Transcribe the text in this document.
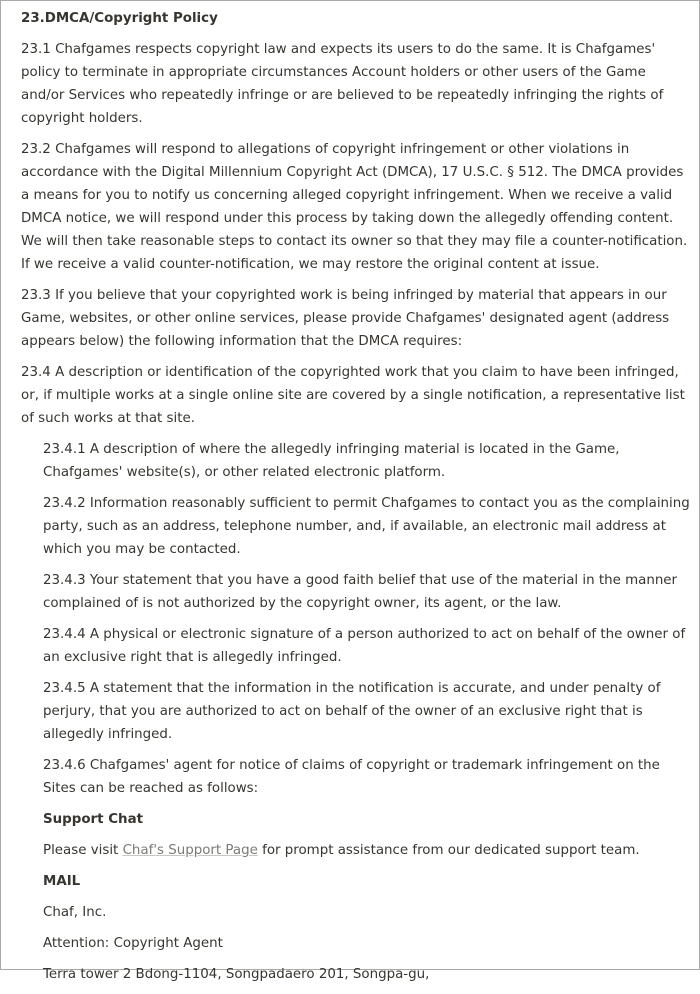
23.DMCA/Copyright Policy
23.1 Chafgames respects copyright law and expects its users to do the same. It is Chafgames' policy to terminate in appropriate circumstances Account holders or other users of the Game and/or Services who repeatedly infringe or are believed to be repeatedly infringing the rights of copyright holders.
23.2 Chafgames will respond to allegations of copyright infringement or other violations in accordance with the Digital Millennium Copyright Act (DMCA), 17 U.S.C. § 512. The DMCA provides a means for you to notify us concerning alleged copyright infringement. When we receive a valid DMCA notice, we will respond under this process by taking down the allegedly offending content. We will then take reasonable steps to contact its owner so that they may file a counter-notification. If we receive a valid counter-notification, we may restore the original content at issue.
23.3 If you believe that your copyrighted work is being infringed by material that appears in our Game, websites, or other online services, please provide Chafgames' designated agent (address appears below) the following information that the DMCA requires:
23.4 A description or identification of the copyrighted work that you claim to have been infringed, or, if multiple works at a single online site are covered by a single notification, a representative list of such works at that site.
23.4.1 A description of where the allegedly infringing material is located in the Game, Chafgames' website(s), or other related electronic platform.
23.4.2 Information reasonably sufficient to permit Chafgames to contact you as the complaining party, such as an address, telephone number, and, if available, an electronic mail address at which you may be contacted.
23.4.3 Your statement that you have a good faith belief that use of the material in the manner complained of is not authorized by the copyright owner, its agent, or the law.
23.4.4 A physical or electronic signature of a person authorized to act on behalf of the owner of an exclusive right that is allegedly infringed.
23.4.5 A statement that the information in the notification is accurate, and under penalty of perjury, that you are authorized to act on behalf of the owner of an exclusive right that is allegedly infringed.
23.4.6 Chafgames' agent for notice of claims of copyright or trademark infringement on the Sites can be reached as follows:
Support Chat
Please visit Chaf's Support Page for prompt assistance from our dedicated support team.
MAIL
Chaf, Inc.
Attention: Copyright Agent
Terra tower 2 Bdong-1104, Songpadaero 201, Songpa-gu,
